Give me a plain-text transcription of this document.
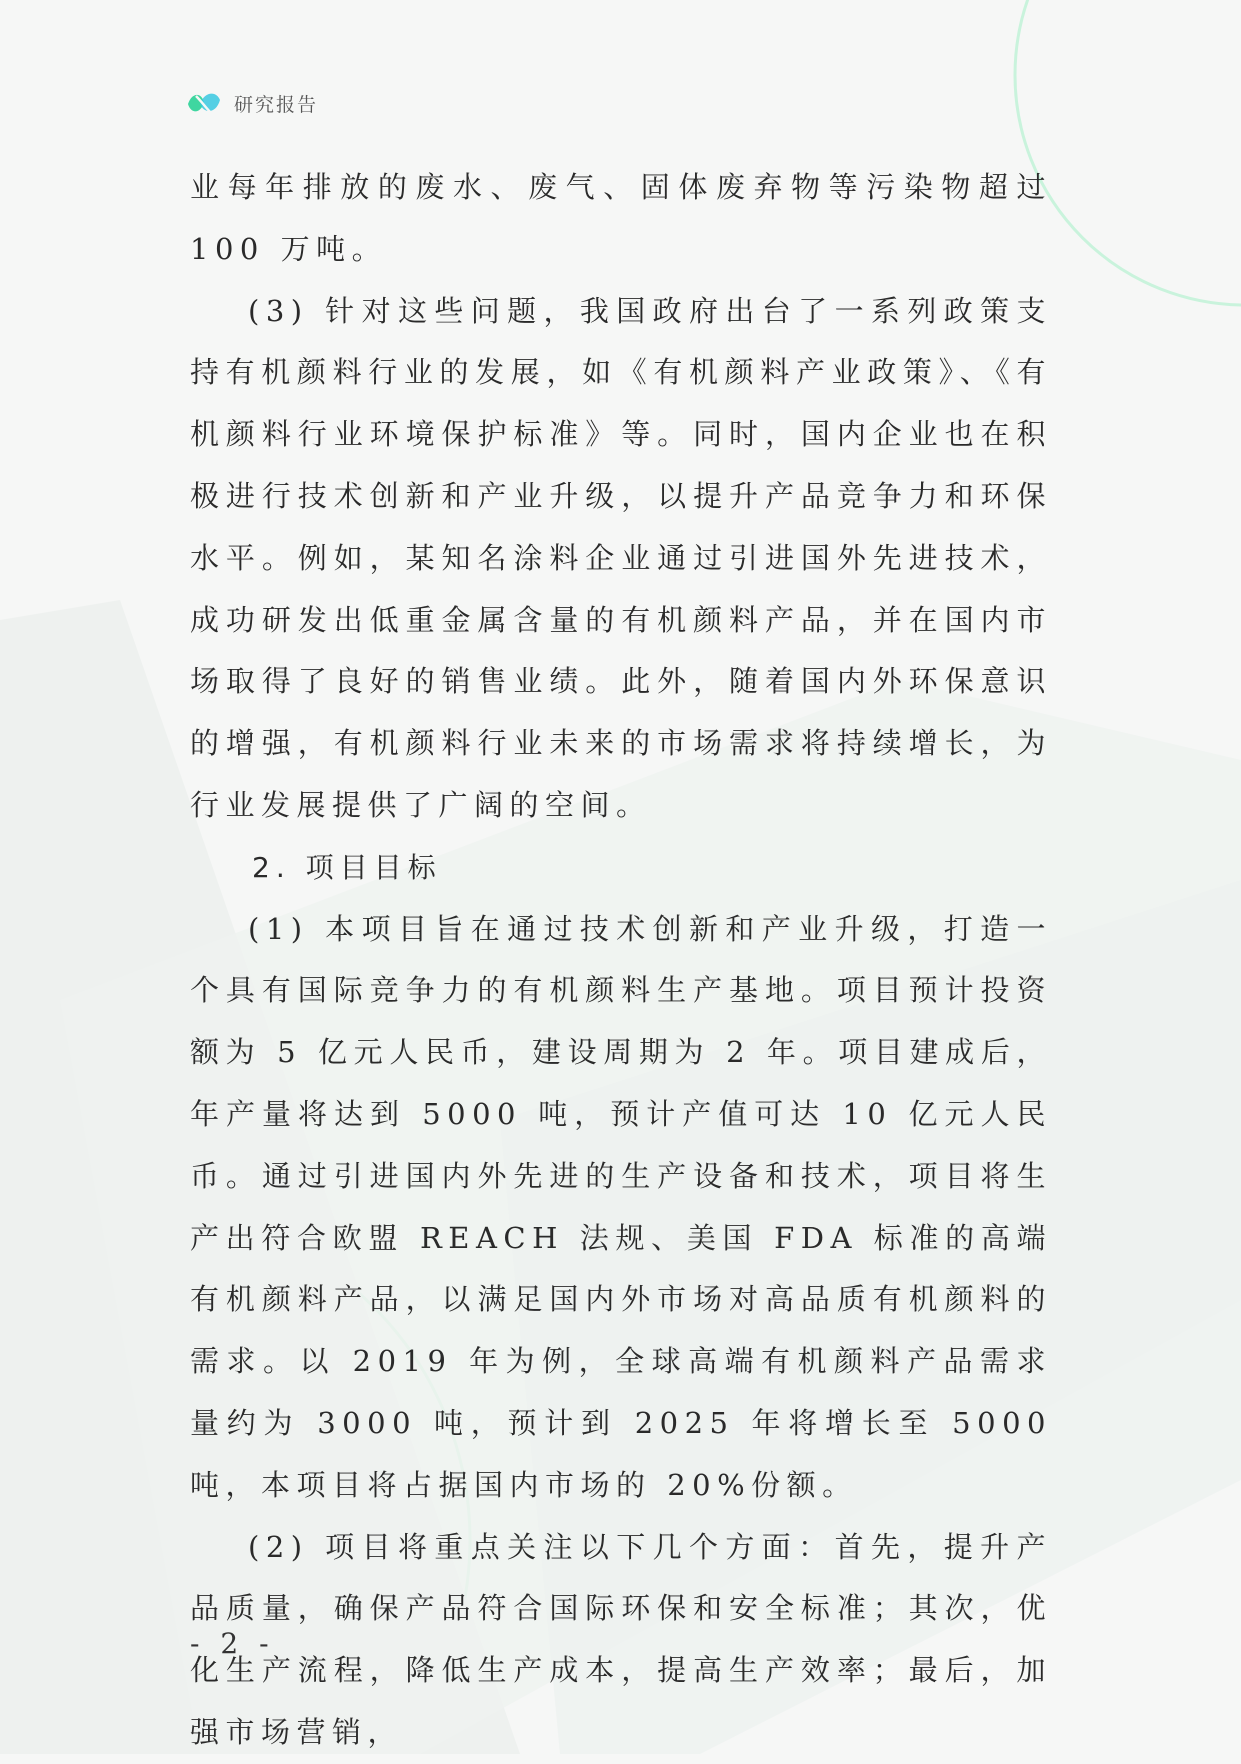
研究报告

业每年排放的废水、废气、固体废弃物等污染物超过 100 万吨。

(3) 针对这些问题，我国政府出台了一系列政策支持有机颜料行业的发展，如《有机颜料产业政策》、《有机颜料行业环境保护标准》等。同时，国内企业也在积极进行技术创新和产业升级，以提升产品竞争力和环保水平。例如，某知名涂料企业通过引进国外先进技术，成功研发出低重金属含量的有机颜料产品，并在国内市场取得了良好的销售业绩。此外，随着国内外环保意识的增强，有机颜料行业未来的市场需求将持续增长，为行业发展提供了广阔的空间。

2. 项目目标

(1) 本项目旨在通过技术创新和产业升级，打造一个具有国际竞争力的有机颜料生产基地。项目预计投资额为 5 亿元人民币，建设周期为 2 年。项目建成后，年产量将达到 5000 吨，预计产值可达 10 亿元人民币。通过引进国内外先进的生产设备和技术，项目将生产出符合欧盟 REACH 法规、美国 FDA 标准的高端有机颜料产品，以满足国内外市场对高品质有机颜料的需求。以 2019 年为例，全球高端有机颜料产品需求量约为 3000 吨，预计到 2025 年将增长至 5000 吨，本项目将占据国内市场的 20%份额。

(2) 项目将重点关注以下几个方面：首先，提升产品质量，确保产品符合国际环保和安全标准；其次，优化生产流程，降低生产成本，提高生产效率；最后，加强市场营销，

- 2 -
